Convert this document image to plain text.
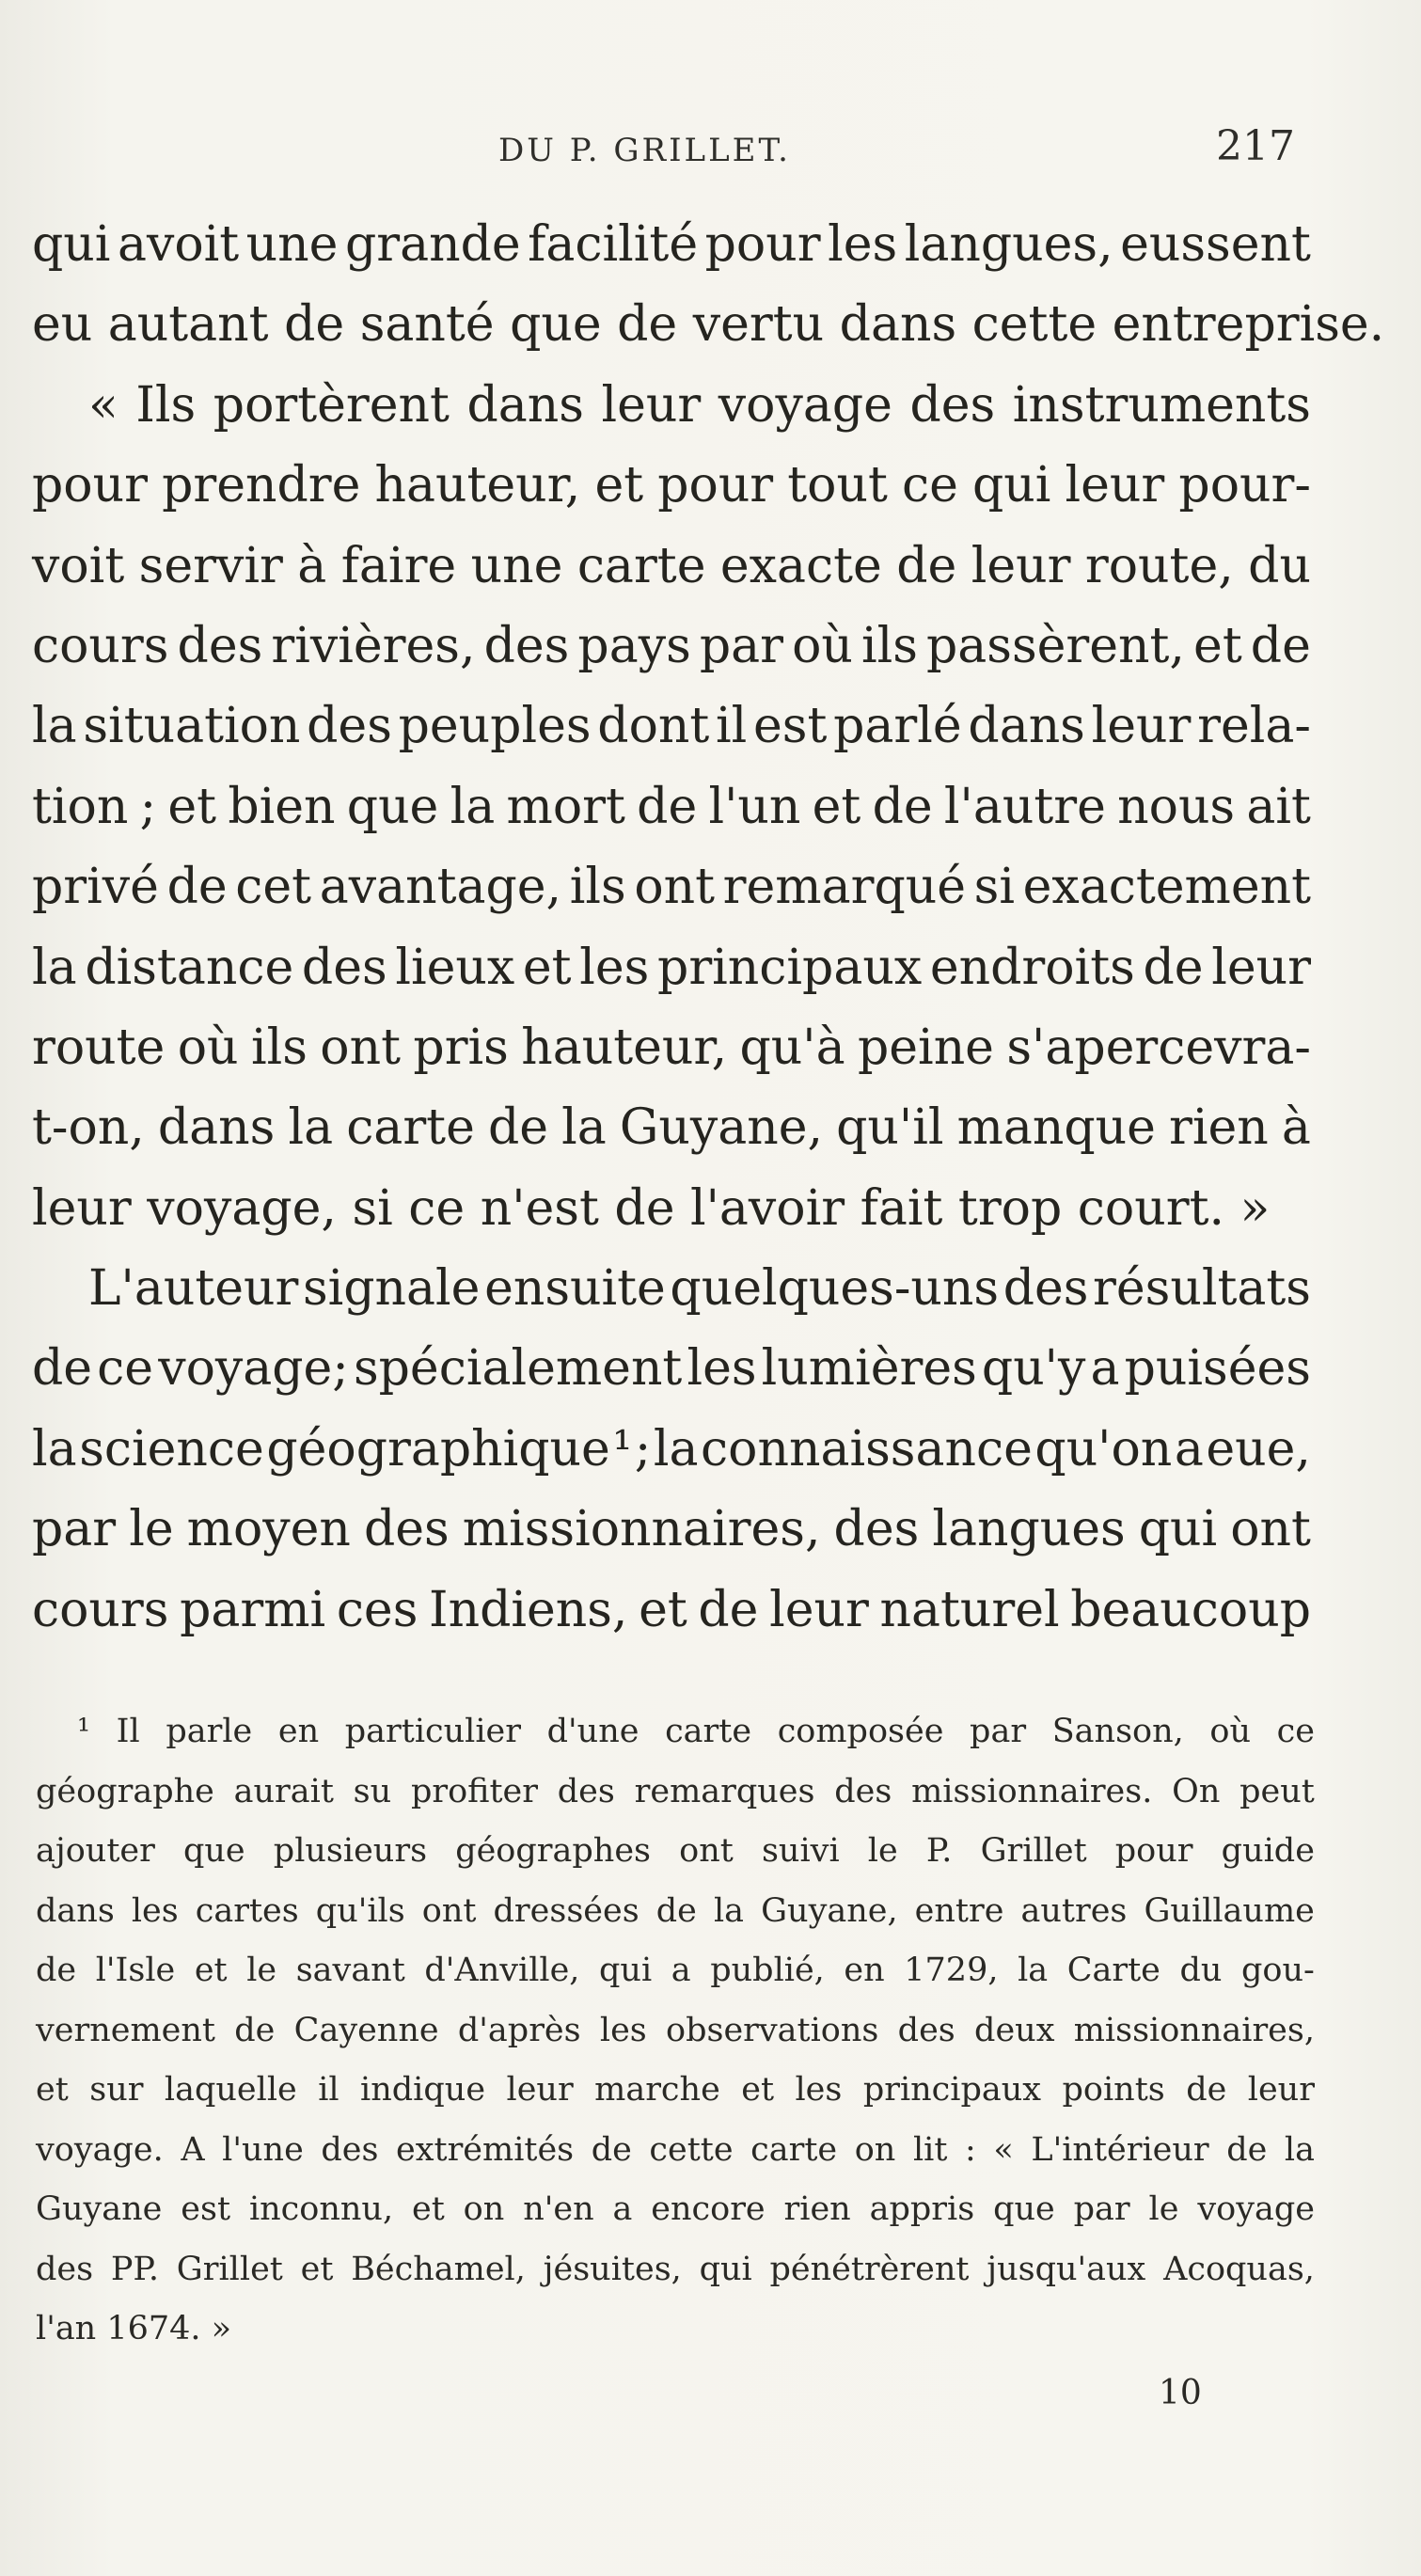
DU P. GRILLET.	217
qui avoit une grande facilité pour les langues, eussent
eu autant de santé que de vertu dans cette entreprise.
« Ils portèrent dans leur voyage des instruments
pour prendre hauteur, et pour tout ce qui leur pour-
voit servir à faire une carte exacte de leur route, du
cours des rivières, des pays par où ils passèrent, et de
la situation des peuples dont il est parlé dans leur rela-
tion ; et bien que la mort de l'un et de l'autre nous ait
privé de cet avantage, ils ont remarqué si exactement
la distance des lieux et les principaux endroits de leur
route où ils ont pris hauteur, qu'à peine s'apercevra-
t-on, dans la carte de la Guyane, qu'il manque rien à
leur voyage, si ce n'est de l'avoir fait trop court. »
L'auteur signale ensuite quelques-uns des résultats
de ce voyage; spécialement les lumières qu'y a puisées
la science géographique ¹ ; la connaissance qu'on a eue,
par le moyen des missionnaires, des langues qui ont
cours parmi ces Indiens, et de leur naturel beaucoup
¹ Il parle en particulier d'une carte composée par Sanson, où ce
géographe aurait su profiter des remarques des missionnaires. On peut
ajouter que plusieurs géographes ont suivi le P. Grillet pour guide
dans les cartes qu'ils ont dressées de la Guyane, entre autres Guillaume
de l'Isle et le savant d'Anville, qui a publié, en 1729, la Carte du gou-
vernement de Cayenne d'après les observations des deux missionnaires,
et sur laquelle il indique leur marche et les principaux points de leur
voyage. A l'une des extrémités de cette carte on lit : « L'intérieur de la
Guyane est inconnu, et on n'en a encore rien appris que par le voyage
des PP. Grillet et Béchamel, jésuites, qui pénétrèrent jusqu'aux Acoquas,
l'an 1674. »
10
